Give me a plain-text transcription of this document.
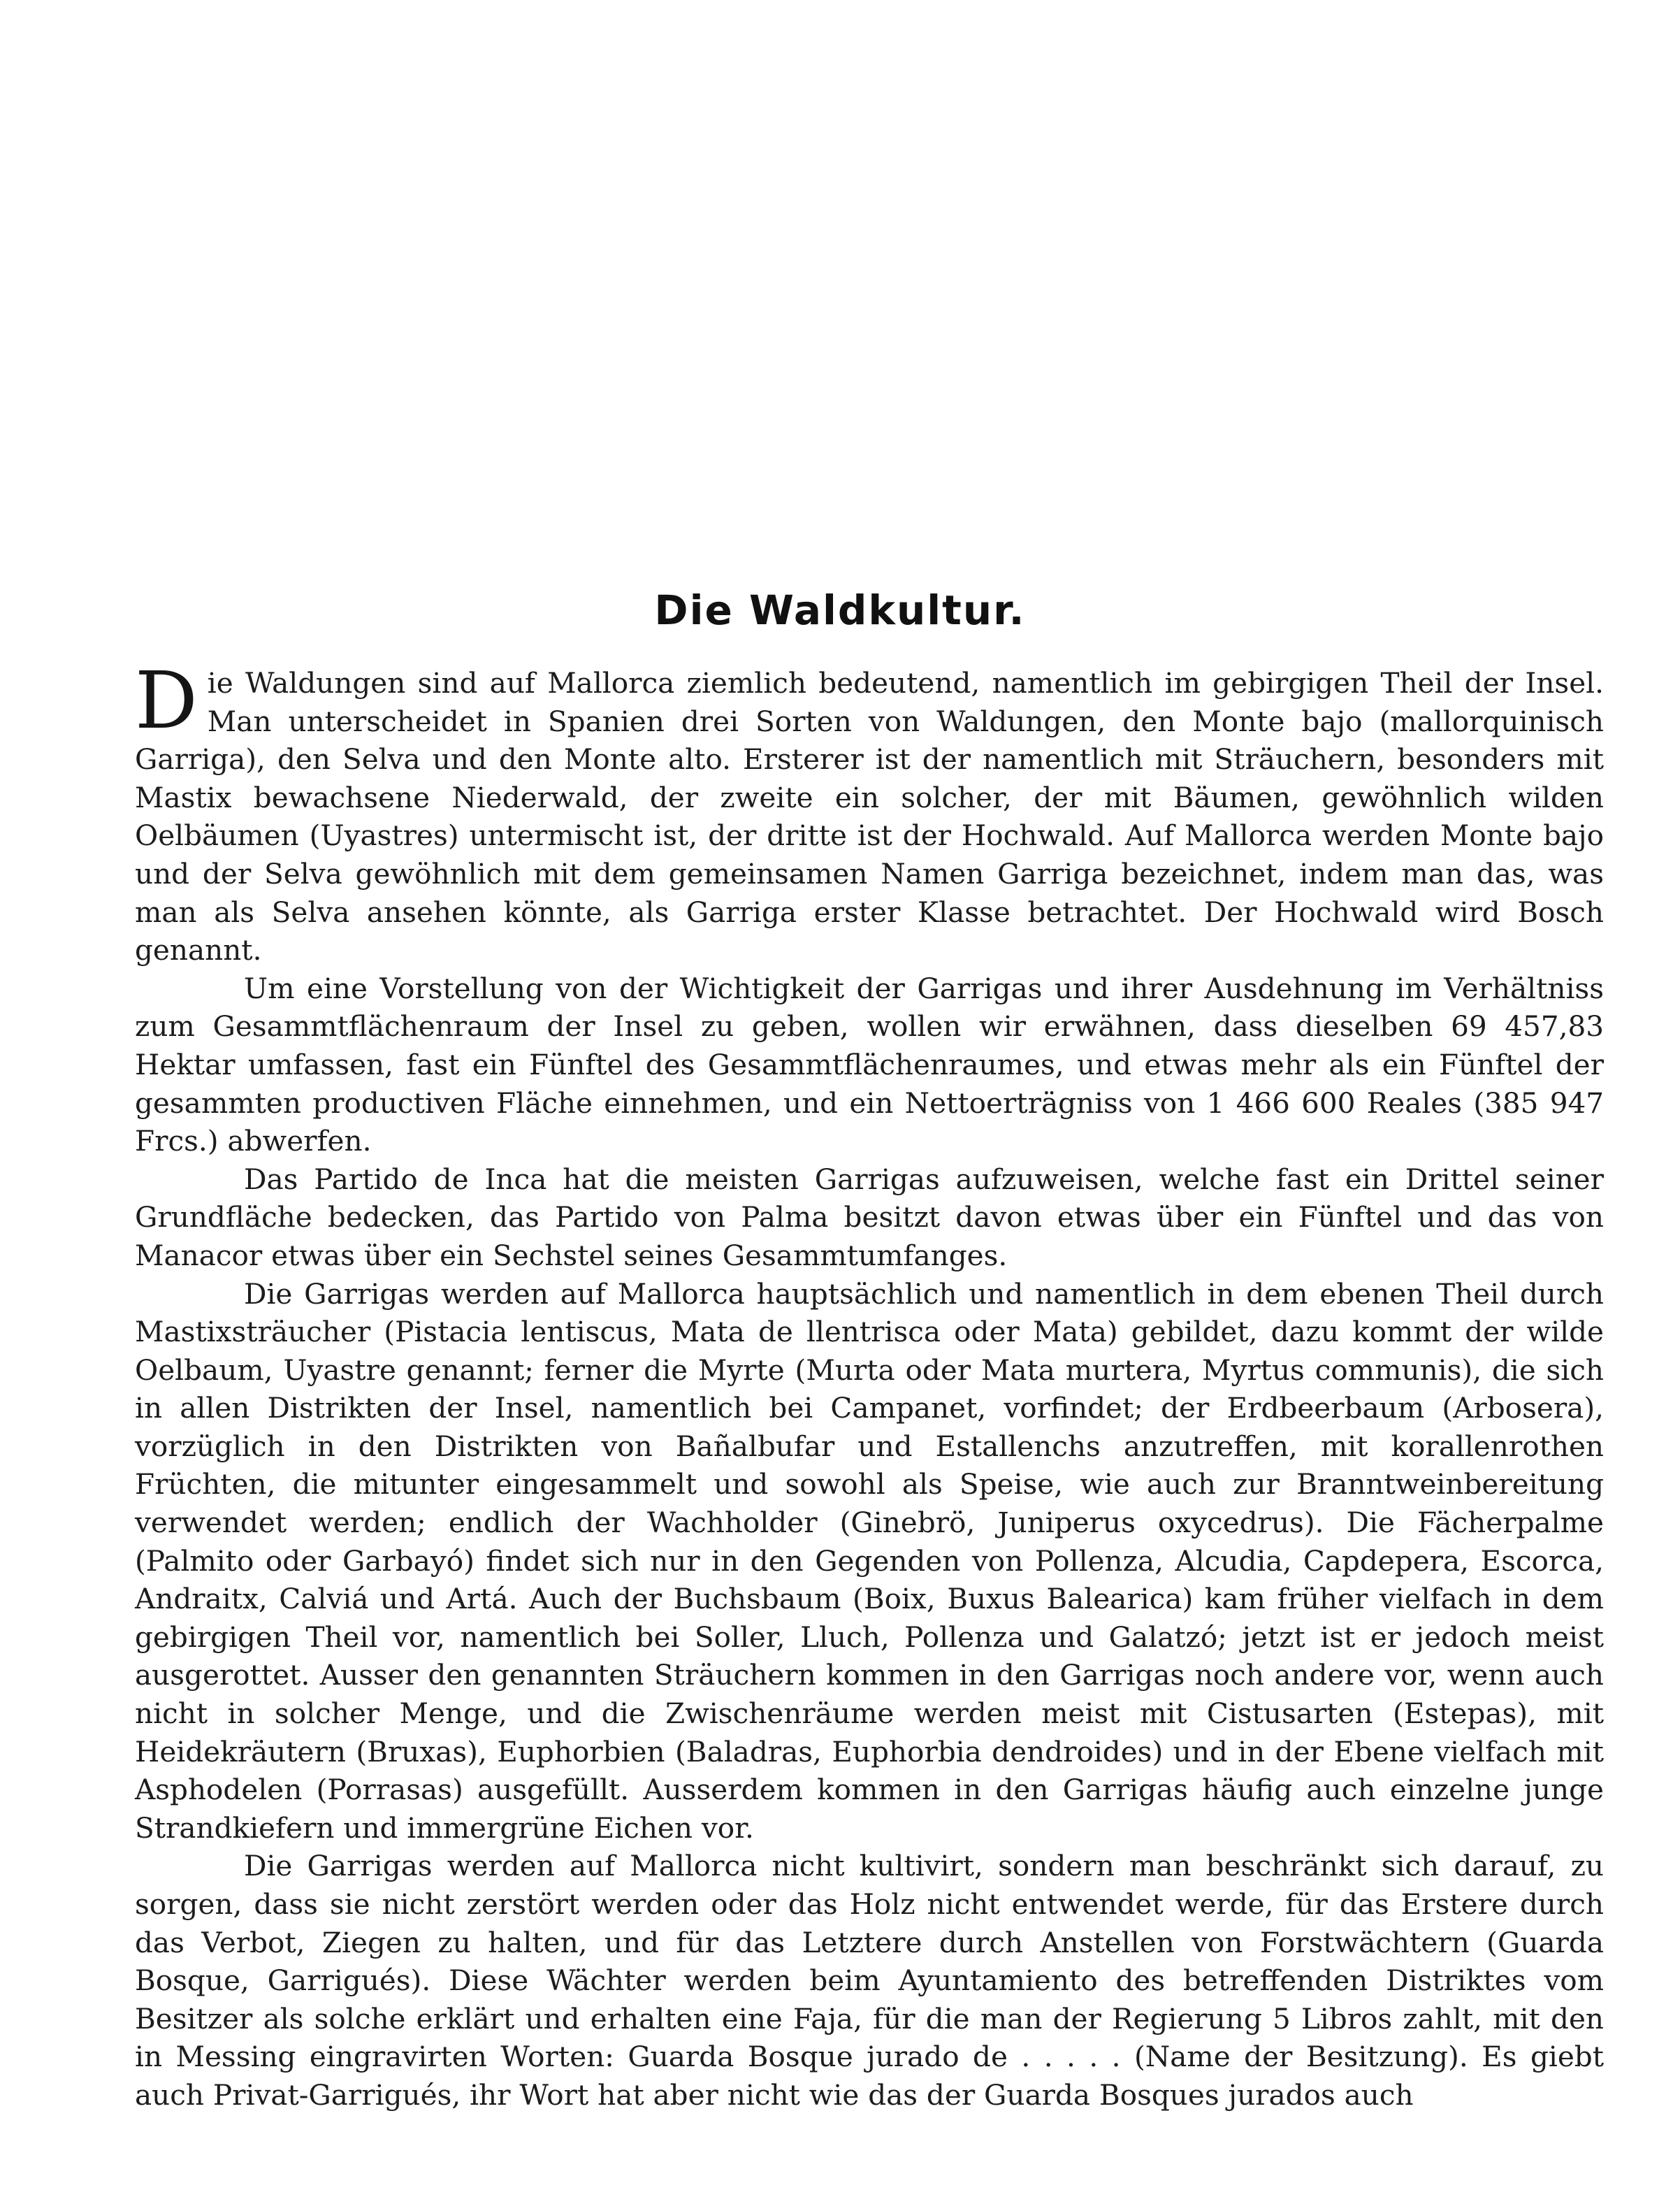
Die Waldkultur.

Die Waldungen sind auf Mallorca ziemlich bedeutend, namentlich im gebirgigen Theil der Insel. Man unterscheidet in Spanien drei Sorten von Waldungen, den Monte bajo (mallorquinisch Garriga), den Selva und den Monte alto. Ersterer ist der namentlich mit Sträuchern, besonders mit Mastix bewachsene Niederwald, der zweite ein solcher, der mit Bäumen, gewöhnlich wilden Oelbäumen (Uyastres) untermischt ist, der dritte ist der Hochwald. Auf Mallorca werden Monte bajo und der Selva gewöhnlich mit dem gemeinsamen Namen Garriga bezeichnet, indem man das, was man als Selva ansehen könnte, als Garriga erster Klasse betrachtet. Der Hochwald wird Bosch genannt.

Um eine Vorstellung von der Wichtigkeit der Garrigas und ihrer Ausdehnung im Verhältniss zum Gesammtflächenraum der Insel zu geben, wollen wir erwähnen, dass dieselben 69 457,83 Hektar umfassen, fast ein Fünftel des Gesammtflächenraumes, und etwas mehr als ein Fünftel der gesammten productiven Fläche einnehmen, und ein Nettoerträgniss von 1 466 600 Reales (385 947 Frcs.) abwerfen.

Das Partido de Inca hat die meisten Garrigas aufzuweisen, welche fast ein Drittel seiner Grundfläche bedecken, das Partido von Palma besitzt davon etwas über ein Fünftel und das von Manacor etwas über ein Sechstel seines Gesammtumfanges.

Die Garrigas werden auf Mallorca hauptsächlich und namentlich in dem ebenen Theil durch Mastixsträucher (Pistacia lentiscus, Mata de llentrisca oder Mata) gebildet, dazu kommt der wilde Oelbaum, Uyastre genannt; ferner die Myrte (Murta oder Mata murtera, Myrtus communis), die sich in allen Distrikten der Insel, namentlich bei Campanet, vorfindet; der Erdbeerbaum (Arbosera), vorzüglich in den Distrikten von Bañalbufar und Estallenchs anzutreffen, mit korallenrothen Früchten, die mitunter eingesammelt und sowohl als Speise, wie auch zur Branntweinbereitung verwendet werden; endlich der Wachholder (Ginebrö, Juniperus oxycedrus). Die Fächerpalme (Palmito oder Garbayó) findet sich nur in den Gegenden von Pollenza, Alcudia, Capdepera, Escorca, Andraitx, Calviá und Artá. Auch der Buchsbaum (Boix, Buxus Balearica) kam früher vielfach in dem gebirgigen Theil vor, namentlich bei Soller, Lluch, Pollenza und Galatzó; jetzt ist er jedoch meist ausgerottet. Ausser den genannten Sträuchern kommen in den Garrigas noch andere vor, wenn auch nicht in solcher Menge, und die Zwischenräume werden meist mit Cistusarten (Estepas), mit Heidekräutern (Bruxas), Euphorbien (Baladras, Euphorbia dendroides) und in der Ebene vielfach mit Asphodelen (Porrasas) ausgefüllt. Ausserdem kommen in den Garrigas häufig auch einzelne junge Strandkiefern und immergrüne Eichen vor.

Die Garrigas werden auf Mallorca nicht kultivirt, sondern man beschränkt sich darauf, zu sorgen, dass sie nicht zerstört werden oder das Holz nicht entwendet werde, für das Erstere durch das Verbot, Ziegen zu halten, und für das Letztere durch Anstellen von Forstwächtern (Guarda Bosque, Garrigués). Diese Wächter werden beim Ayuntamiento des betreffenden Distriktes vom Besitzer als solche erklärt und erhalten eine Faja, für die man der Regierung 5 Libros zahlt, mit den in Messing eingravirten Worten: Guarda Bosque jurado de . . . . . (Name der Besitzung). Es giebt auch Privat-Garrigués, ihr Wort hat aber nicht wie das der Guarda Bosques jurados auch
